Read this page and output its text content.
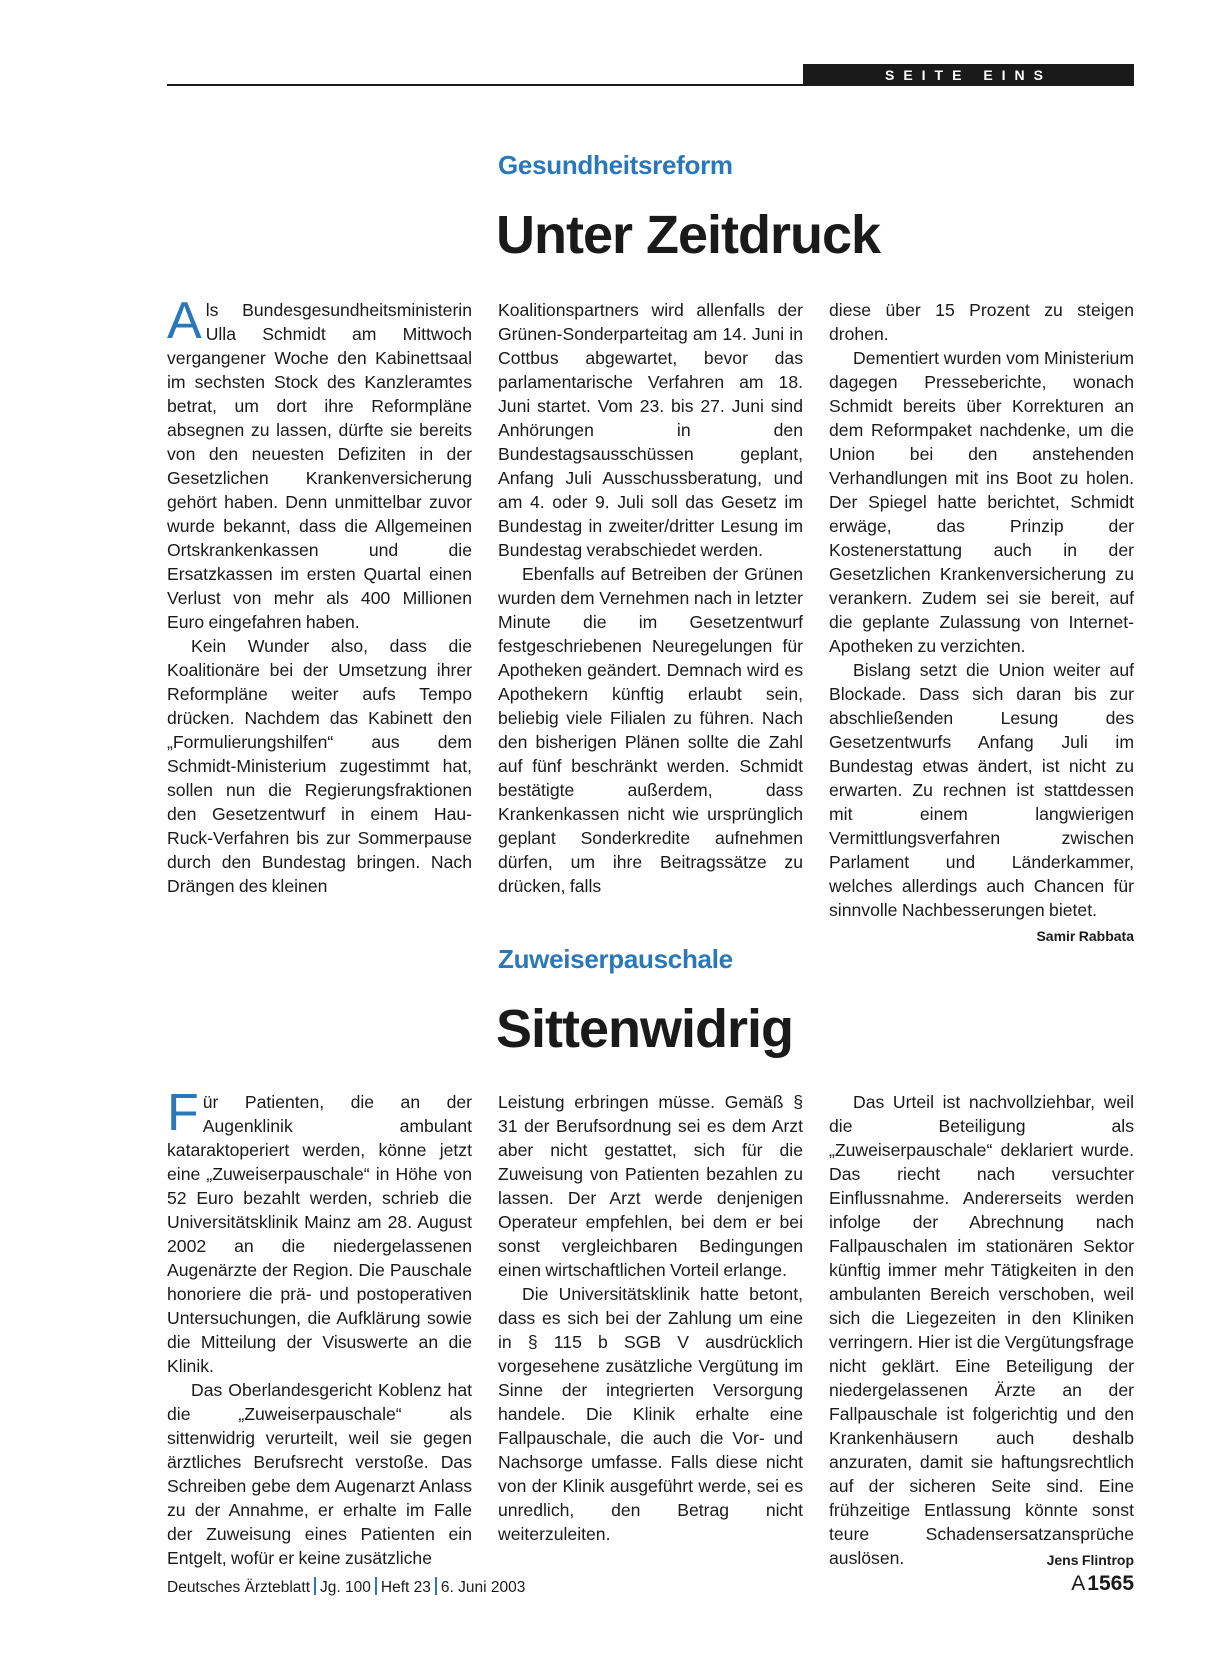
SEITE EINS
Gesundheitsreform
Unter Zeitdruck

Als Bundesgesundheitsministerin Ulla Schmidt am Mittwoch vergangener Woche den Kabinettsaal im sechsten Stock des Kanzleramtes betrat, um dort ihre Reformpläne absegnen zu lassen, dürfte sie bereits von den neuesten Defiziten in der Gesetzlichen Krankenversicherung gehört haben. Denn unmittelbar zuvor wurde bekannt, dass die Allgemeinen Ortskrankenkassen und die Ersatzkassen im ersten Quartal einen Verlust von mehr als 400 Millionen Euro eingefahren haben.

Kein Wunder also, dass die Koalitionäre bei der Umsetzung ihrer Reformpläne weiter aufs Tempo drücken. Nachdem das Kabinett den „Formulierungshilfen“ aus dem Schmidt-Ministerium zugestimmt hat, sollen nun die Regierungsfraktionen den Gesetzentwurf in einem Hau-Ruck-Verfahren bis zur Sommerpause durch den Bundestag bringen. Nach Drängen des kleinen

Koalitionspartners wird allenfalls der Grünen-Sonderparteitag am 14. Juni in Cottbus abgewartet, bevor das parlamentarische Verfahren am 18. Juni startet. Vom 23. bis 27. Juni sind Anhörungen in den Bundestagsausschüssen geplant, Anfang Juli Ausschussberatung, und am 4. oder 9. Juli soll das Gesetz im Bundestag in zweiter/dritter Lesung im Bundestag verabschiedet werden.

Ebenfalls auf Betreiben der Grünen wurden dem Vernehmen nach in letzter Minute die im Gesetzentwurf festgeschriebenen Neuregelungen für Apotheken geändert. Demnach wird es Apothekern künftig erlaubt sein, beliebig viele Filialen zu führen. Nach den bisherigen Plänen sollte die Zahl auf fünf beschränkt werden. Schmidt bestätigte außerdem, dass Krankenkassen nicht wie ursprünglich geplant Sonderkredite aufnehmen dürfen, um ihre Beitragssätze zu drücken, falls

diese über 15 Prozent zu steigen drohen.

Dementiert wurden vom Ministerium dagegen Presseberichte, wonach Schmidt bereits über Korrekturen an dem Reformpaket nachdenke, um die Union bei den anstehenden Verhandlungen mit ins Boot zu holen. Der Spiegel hatte berichtet, Schmidt erwäge, das Prinzip der Kostenerstattung auch in der Gesetzlichen Krankenversicherung zu verankern. Zudem sei sie bereit, auf die geplante Zulassung von Internet-Apotheken zu verzichten.

Bislang setzt die Union weiter auf Blockade. Dass sich daran bis zur abschließenden Lesung des Gesetzentwurfs Anfang Juli im Bundestag etwas ändert, ist nicht zu erwarten. Zu rechnen ist stattdessen mit einem langwierigen Vermittlungsverfahren zwischen Parlament und Länderkammer, welches allerdings auch Chancen für sinnvolle Nachbesserungen bietet.
Samir Rabbata

Zuweiserpauschale
Sittenwidrig

Für Patienten, die an der Augenklinik ambulant kataraktoperiert werden, könne jetzt eine „Zuweiserpauschale“ in Höhe von 52 Euro bezahlt werden, schrieb die Universitätsklinik Mainz am 28. August 2002 an die niedergelassenen Augenärzte der Region. Die Pauschale honoriere die prä- und postoperativen Untersuchungen, die Aufklärung sowie die Mitteilung der Visuswerte an die Klinik.

Das Oberlandesgericht Koblenz hat die „Zuweiserpauschale“ als sittenwidrig verurteilt, weil sie gegen ärztliches Berufsrecht verstoße. Das Schreiben gebe dem Augenarzt Anlass zu der Annahme, er erhalte im Falle der Zuweisung eines Patienten ein Entgelt, wofür er keine zusätzliche

Leistung erbringen müsse. Gemäß § 31 der Berufsordnung sei es dem Arzt aber nicht gestattet, sich für die Zuweisung von Patienten bezahlen zu lassen. Der Arzt werde denjenigen Operateur empfehlen, bei dem er bei sonst vergleichbaren Bedingungen einen wirtschaftlichen Vorteil erlange.

Die Universitätsklinik hatte betont, dass es sich bei der Zahlung um eine in § 115 b SGB V ausdrücklich vorgesehene zusätzliche Vergütung im Sinne der integrierten Versorgung handele. Die Klinik erhalte eine Fallpauschale, die auch die Vor- und Nachsorge umfasse. Falls diese nicht von der Klinik ausgeführt werde, sei es unredlich, den Betrag nicht weiterzuleiten.

Das Urteil ist nachvollziehbar, weil die Beteiligung als „Zuweiserpauschale“ deklariert wurde. Das riecht nach versuchter Einflussnahme. Andererseits werden infolge der Abrechnung nach Fallpauschalen im stationären Sektor künftig immer mehr Tätigkeiten in den ambulanten Bereich verschoben, weil sich die Liegezeiten in den Kliniken verringern. Hier ist die Vergütungsfrage nicht geklärt. Eine Beteiligung der niedergelassenen Ärzte an der Fallpauschale ist folgerichtig und den Krankenhäusern auch deshalb anzuraten, damit sie haftungsrechtlich auf der sicheren Seite sind. Eine frühzeitige Entlassung könnte sonst teure Schadensersatzansprüche auslösen.	Jens Flintrop

Deutsches Ärzteblatt Jg. 100 Heft 23 6. Juni 2003	A1565
